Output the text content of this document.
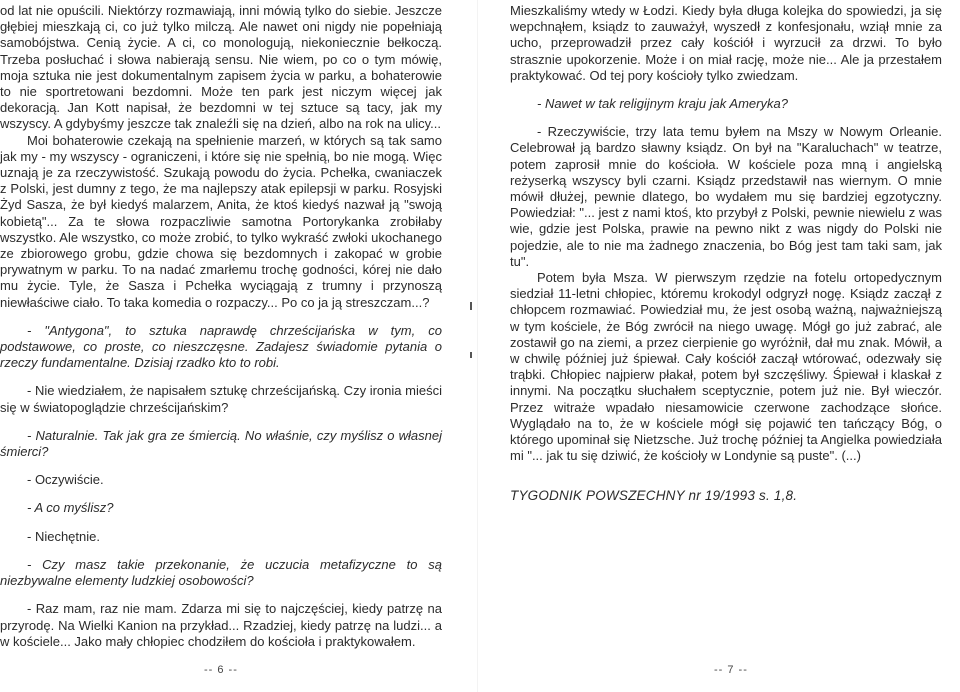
od lat nie opuścili. Niektórzy rozmawiają, inni mówią tylko do siebie. Jeszcze głębiej mieszkają ci, co już tylko milczą. Ale nawet oni nigdy nie popełniają samobójstwa. Cenią życie. A ci, co monologują, niekoniecznie bełkoczą. Trzeba posłuchać i słowa nabierają sensu. Nie wiem, po co o tym mówię, moja sztuka nie jest dokumentalnym zapisem życia w parku, a bohaterowie to nie sportretowani bezdomni. Może ten park jest niczym więcej jak dekoracją. Jan Kott napisał, że bezdomni w tej sztuce są tacy, jak my wszyscy. A gdybyśmy jeszcze tak znaleźli się na dzień, albo na rok na ulicy...

Moi bohaterowie czekają na spełnienie marzeń, w których są tak samo jak my - my wszyscy - ograniczeni, i które się nie spełnią, bo nie mogą. Więc uznają je za rzeczywistość. Szukają powodu do życia. Pchełka, cwaniaczek z Polski, jest dumny z tego, że ma najlepszy atak epilepsji w parku. Rosyjski Żyd Sasza, że był kiedyś malarzem, Anita, że ktoś kiedyś nazwał ją "swoją kobietą"... Za te słowa rozpaczliwie samotna Portorykanka zrobiłaby wszystko. Ale wszystko, co może zrobić, to tylko wykraść zwłoki ukochanego ze zbiorowego grobu, gdzie chowa się bezdomnych i zakopać w grobie prywatnym w parku. To na nadać zmarłemu trochę godności, kórej nie dało mu życie. Tyle, że Sasza i Pchełka wyciągają z trumny i przynoszą niewłaściwe ciało. To taka komedia o rozpaczy... Po co ja ją streszczam...?

- "Antygona", to sztuka naprawdę chrześcijańska w tym, co podstawowe, co proste, co nieszczęsne. Zadajesz świadomie pytania o rzeczy fundamentalne. Dzisiaj rzadko kto to robi.

- Nie wiedziałem, że napisałem sztukę chrześcijańską. Czy ironia mieści się w światopoglądzie chrześcijańskim?

- Naturalnie. Tak jak gra ze śmiercią. No właśnie, czy myślisz o własnej śmierci?

- Oczywiście.

- A co myślisz?

- Niechętnie.

- Czy masz takie przekonanie, że uczucia metafizyczne to są niezbywalne elementy ludzkiej osobowości?

- Raz mam, raz nie mam. Zdarza mi się to najczęściej, kiedy patrzę na przyrodę. Na Wielki Kanion na przykład... Rzadziej, kiedy patrzę na ludzi... a w kościele... Jako mały chłopiec chodziłem do kościoła i praktykowałem.

-- 6 --

Mieszkaliśmy wtedy w Łodzi. Kiedy była długa kolejka do spowiedzi, ja się wepchnąłem, ksiądz to zauważył, wyszedł z konfesjonału, wziął mnie za ucho, przeprowadził przez cały kościół i wyrzucił za drzwi. To było strasznie upokorzenie. Może i on miał rację, może nie... Ale ja przestałem praktykować. Od tej pory kościoły tylko zwiedzam.

- Nawet w tak religijnym kraju jak Ameryka?

- Rzeczywiście, trzy lata temu byłem na Mszy w Nowym Orleanie. Celebrował ją bardzo sławny ksiądz. On był na "Karaluchach" w teatrze, potem zaprosił mnie do kościoła. W kościele poza mną i angielską reżyserką wszyscy byli czarni. Ksiądz przedstawił nas wiernym. O mnie mówił dłużej, pewnie dlatego, bo wydałem mu się bardziej egzotyczny. Powiedział: "... jest z nami ktoś, kto przybył z Polski, pewnie niewielu z was wie, gdzie jest Polska, prawie na pewno nikt z was nigdy do Polski nie pojedzie, ale to nie ma żadnego znaczenia, bo Bóg jest tam taki sam, jak tu".

Potem była Msza. W pierwszym rzędzie na fotelu ortopedycznym siedział 11-letni chłopiec, któremu krokodyl odgryzł nogę. Ksiądz zaczął z chłopcem rozmawiać. Powiedział mu, że jest osobą ważną, najważniejszą w tym kościele, że Bóg zwrócił na niego uwagę. Mógł go już zabrać, ale zostawił go na ziemi, a przez cierpienie go wyróżnił, dał mu znak. Mówił, a w chwilę później już śpiewał. Cały kościół zaczął wtórować, odezwały się trąbki. Chłopiec najpierw płakał, potem był szczęśliwy. Śpiewał i klaskał z innymi. Na początku słuchałem sceptycznie, potem już nie. Był wieczór. Przez witraże wpadało niesamowicie czerwone zachodzące słońce. Wyglądało na to, że w kościele mógł się pojawić ten tańczący Bóg, o którego upominał się Nietzsche. Już trochę później ta Angielka powiedziała mi "... jak tu się dziwić, że kościoły w Londynie są puste". (...)

TYGODNIK POWSZECHNY nr 19/1993 s. 1,8.

-- 7 --
